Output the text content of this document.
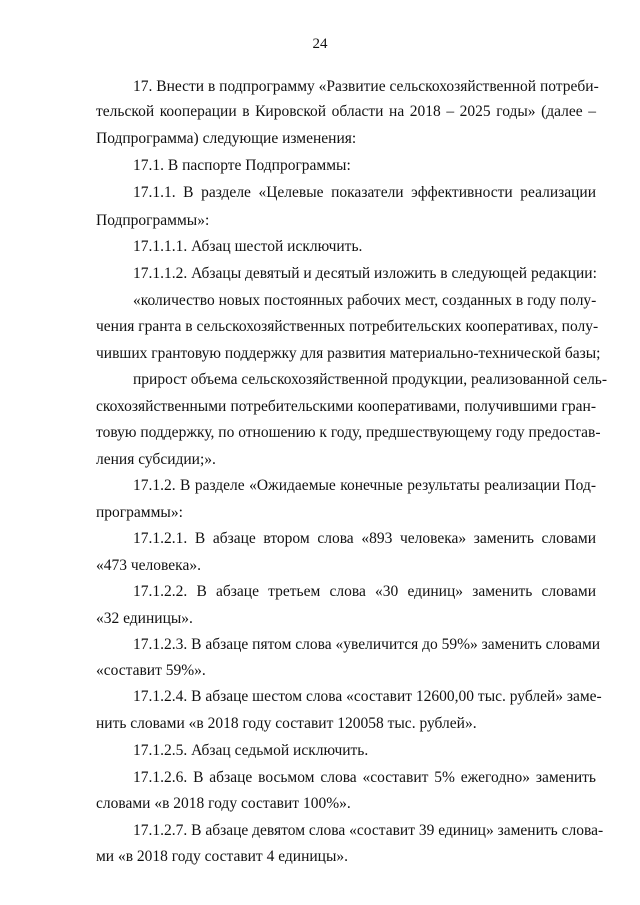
24
17. Внести в подпрограмму «Развитие сельскохозяйственной потреби-
тельской кооперации в Кировской области на 2018 – 2025 годы» (далее –
Подпрограмма) следующие изменения:
17.1. В паспорте Подпрограммы:
17.1.1. В разделе «Целевые показатели эффективности реализации
Подпрограммы»:
17.1.1.1. Абзац шестой исключить.
17.1.1.2. Абзацы девятый и десятый изложить в следующей редакции:
«количество новых постоянных рабочих мест, созданных в году полу-
чения гранта в сельскохозяйственных потребительских кооперативах, полу-
чивших грантовую поддержку для развития материально-технической базы;
прирост объема сельскохозяйственной продукции, реализованной сель-
скохозяйственными потребительскими кооперативами, получившими гран-
товую поддержку, по отношению к году, предшествующему году предостав-
ления субсидии;».
17.1.2. В разделе «Ожидаемые конечные результаты реализации Под-
программы»:
17.1.2.1. В абзаце втором слова «893 человека» заменить словами
«473 человека».
17.1.2.2. В абзаце третьем слова «30 единиц» заменить словами
«32 единицы».
17.1.2.3. В абзаце пятом слова «увеличится до 59%» заменить словами
«составит 59%».
17.1.2.4. В абзаце шестом слова «составит 12600,00 тыс. рублей» заме-
нить словами «в 2018 году составит 120058 тыс. рублей».
17.1.2.5. Абзац седьмой исключить.
17.1.2.6. В абзаце восьмом слова «составит 5% ежегодно» заменить
словами «в 2018 году составит 100%».
17.1.2.7. В абзаце девятом слова «составит 39 единиц» заменить слова-
ми «в 2018 году составит 4 единицы».
